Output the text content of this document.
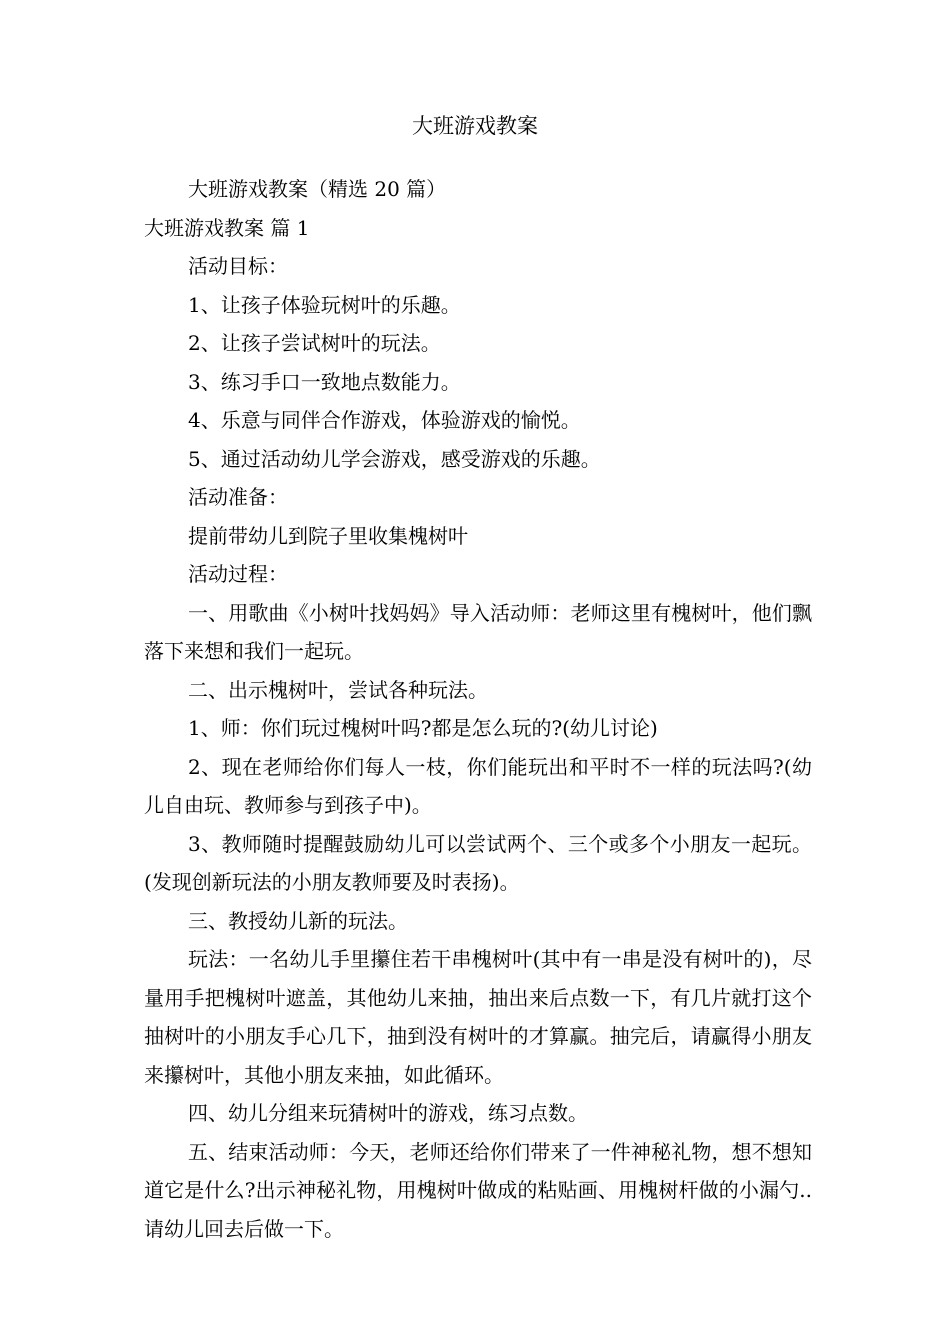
大班游戏教案

大班游戏教案（精选 20 篇）

大班游戏教案 篇 1

活动目标：

1、让孩子体验玩树叶的乐趣。

2、让孩子尝试树叶的玩法。

3、练习手口一致地点数能力。

4、乐意与同伴合作游戏，体验游戏的愉悦。

5、通过活动幼儿学会游戏，感受游戏的乐趣。

活动准备：

提前带幼儿到院子里收集槐树叶

活动过程：

一、用歌曲《小树叶找妈妈》导入活动师：老师这里有槐树叶，他们飘落下来想和我们一起玩。

二、出示槐树叶，尝试各种玩法。

1、师：你们玩过槐树叶吗?都是怎么玩的?(幼儿讨论)

2、现在老师给你们每人一枝，你们能玩出和平时不一样的玩法吗?(幼儿自由玩、教师参与到孩子中)。

3、教师随时提醒鼓励幼儿可以尝试两个、三个或多个小朋友一起玩。(发现创新玩法的小朋友教师要及时表扬)。

三、教授幼儿新的玩法。

玩法：一名幼儿手里攥住若干串槐树叶(其中有一串是没有树叶的)，尽量用手把槐树叶遮盖，其他幼儿来抽，抽出来后点数一下，有几片就打这个抽树叶的小朋友手心几下，抽到没有树叶的才算赢。抽完后，请赢得小朋友来攥树叶，其他小朋友来抽，如此循环。

四、幼儿分组来玩猜树叶的游戏，练习点数。

五、结束活动师：今天，老师还给你们带来了一件神秘礼物，想不想知道它是什么?出示神秘礼物，用槐树叶做成的粘贴画、用槐树杆做的小漏勺..请幼儿回去后做一下。
